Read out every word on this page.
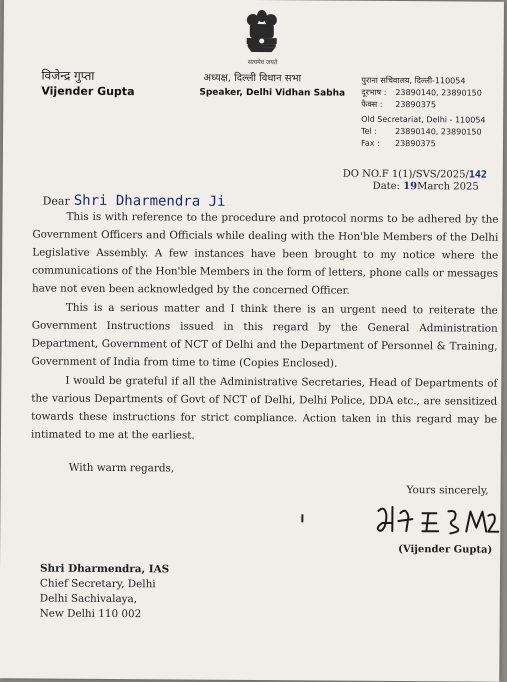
सत्यमेव जयते
विजेन्द्र गुप्ता
Vijender Gupta
अध्यक्ष, दिल्ली विधान सभा
Speaker, Delhi Vidhan Sabha
पुराना सचिवालय, दिल्ली-110054
दूरभाष : 23890140, 23890150
फैक्स : 23890375
Old Secretariat, Delhi - 110054
Tel : 23890140, 23890150
Fax : 23890375
DO NO.F 1(1)/SVS/2025/142
Date: 19March 2025
Dear Shri Dharmendra Ji

This is with reference to the procedure and protocol norms to be adhered by the Government Officers and Officials while dealing with the Hon'ble Members of the Delhi Legislative Assembly. A few instances have been brought to my notice where the communications of the Hon'ble Members in the form of letters, phone calls or messages have not even been acknowledged by the concerned Officer.

This is a serious matter and I think there is an urgent need to reiterate the Government Instructions issued in this regard by the General Administration Department, Government of NCT of Delhi and the Department of Personnel & Training, Government of India from time to time (Copies Enclosed).

I would be grateful if all the Administrative Secretaries, Head of Departments of the various Departments of Govt of NCT of Delhi, Delhi Police, DDA etc., are sensitized towards these instructions for strict compliance. Action taken in this regard may be intimated to me at the earliest.

With warm regards,
Yours sincerely,
(Vijender Gupta)
Shri Dharmendra, IAS
Chief Secretary, Delhi
Delhi Sachivalaya,
New Delhi 110 002
